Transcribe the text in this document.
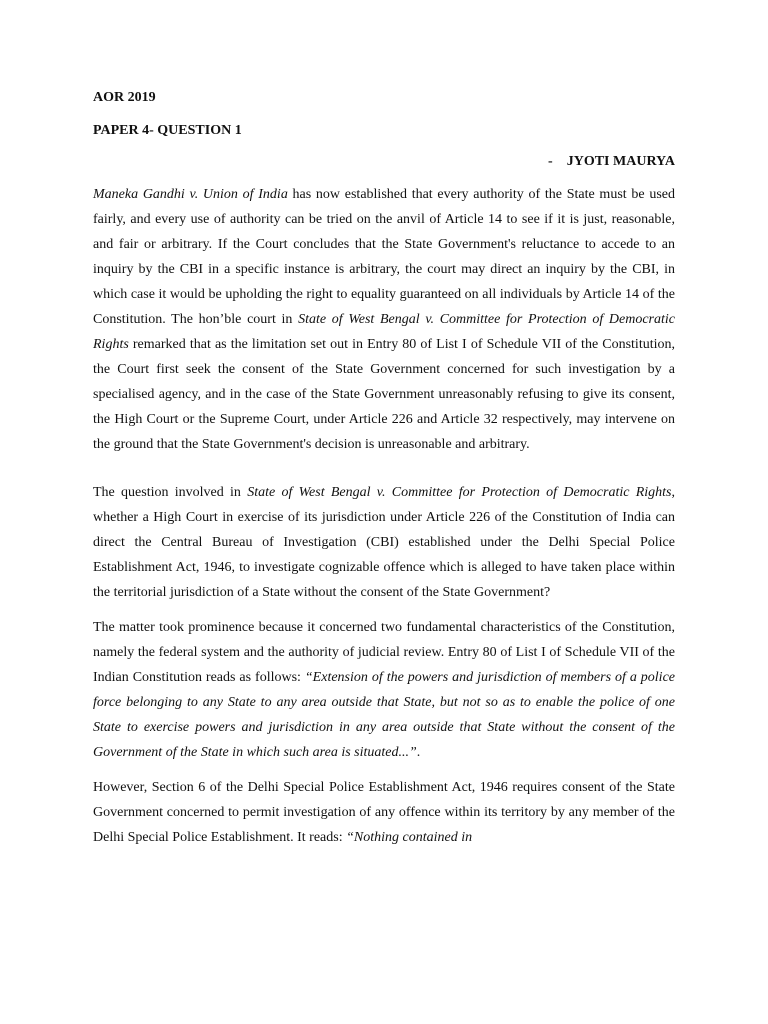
AOR 2019
PAPER 4- QUESTION 1
- JYOTI MAURYA

Maneka Gandhi v. Union of India has now established that every authority of the State must be used fairly, and every use of authority can be tried on the anvil of Article 14 to see if it is just, reasonable, and fair or arbitrary. If the Court concludes that the State Government's reluctance to accede to an inquiry by the CBI in a specific instance is arbitrary, the court may direct an inquiry by the CBI, in which case it would be upholding the right to equality guaranteed on all individuals by Article 14 of the Constitution. The hon’ble court in State of West Bengal v. Committee for Protection of Democratic Rights remarked that as the limitation set out in Entry 80 of List I of Schedule VII of the Constitution, the Court first seek the consent of the State Government concerned for such investigation by a specialised agency, and in the case of the State Government unreasonably refusing to give its consent, the High Court or the Supreme Court, under Article 226 and Article 32 respectively, may intervene on the ground that the State Government's decision is unreasonable and arbitrary.

The question involved in State of West Bengal v. Committee for Protection of Democratic Rights, whether a High Court in exercise of its jurisdiction under Article 226 of the Constitution of India can direct the Central Bureau of Investigation (CBI) established under the Delhi Special Police Establishment Act, 1946, to investigate cognizable offence which is alleged to have taken place within the territorial jurisdiction of a State without the consent of the State Government?

The matter took prominence because it concerned two fundamental characteristics of the Constitution, namely the federal system and the authority of judicial review. Entry 80 of List I of Schedule VII of the Indian Constitution reads as follows: “Extension of the powers and jurisdiction of members of a police force belonging to any State to any area outside that State, but not so as to enable the police of one State to exercise powers and jurisdiction in any area outside that State without the consent of the Government of the State in which such area is situated...”.

However, Section 6 of the Delhi Special Police Establishment Act, 1946 requires consent of the State Government concerned to permit investigation of any offence within its territory by any member of the Delhi Special Police Establishment. It reads: “Nothing contained in
